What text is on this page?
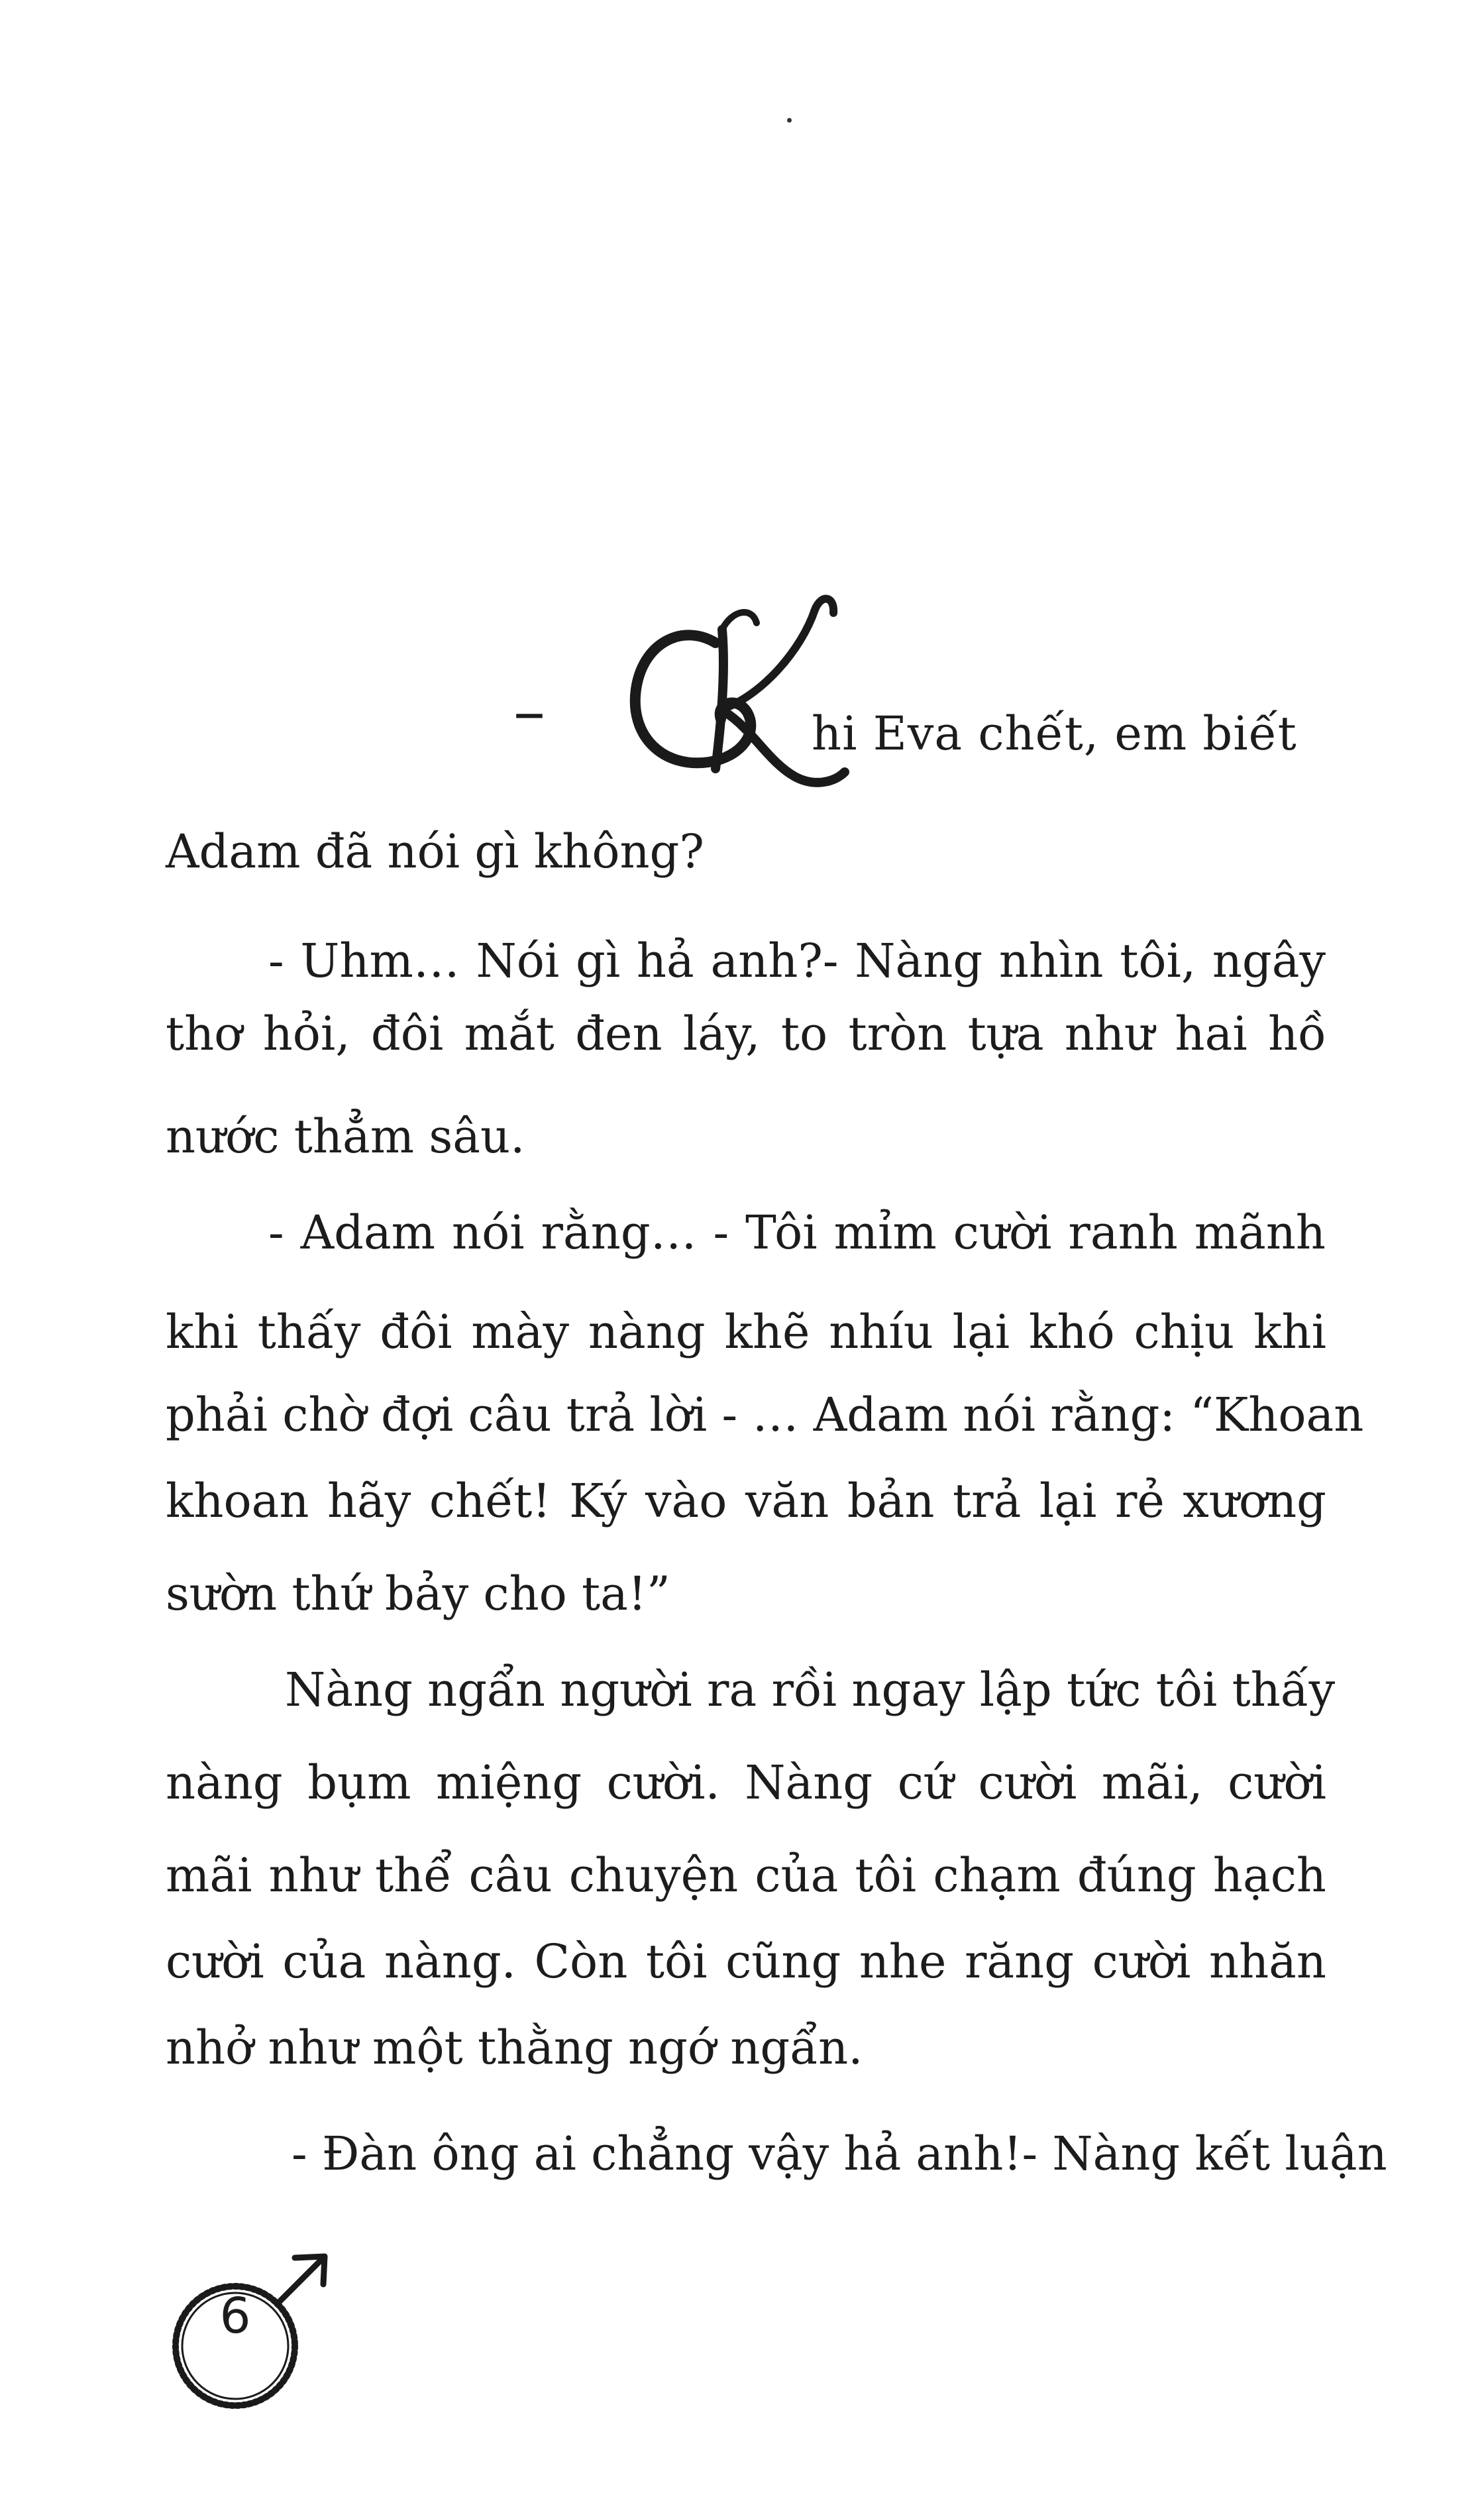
–	hi Eva chết, em biết
Adam đã nói gì không?
- Uhm… Nói gì hả anh?- Nàng nhìn tôi, ngây
thơ hỏi, đôi mắt đen láy, to tròn tựa như hai hồ
nước thẳm sâu.
- Adam nói rằng… - Tôi mỉm cười ranh mãnh
khi thấy đôi mày nàng khẽ nhíu lại khó chịu khi
phải chờ đợi câu trả lời - … Adam nói rằng: “Khoan
khoan hãy chết! Ký vào văn bản trả lại rẻ xương
sườn thứ bảy cho ta!”
Nàng ngẩn người ra rồi ngay lập tức tôi thấy
nàng bụm miệng cười. Nàng cứ cười mãi, cười
mãi như thể câu chuyện của tôi chạm đúng hạch
cười của nàng. Còn tôi cũng nhe răng cười nhăn
nhở như một thằng ngớ ngẩn.
- Đàn ông ai chẳng vậy hả anh!- Nàng kết luận
6
